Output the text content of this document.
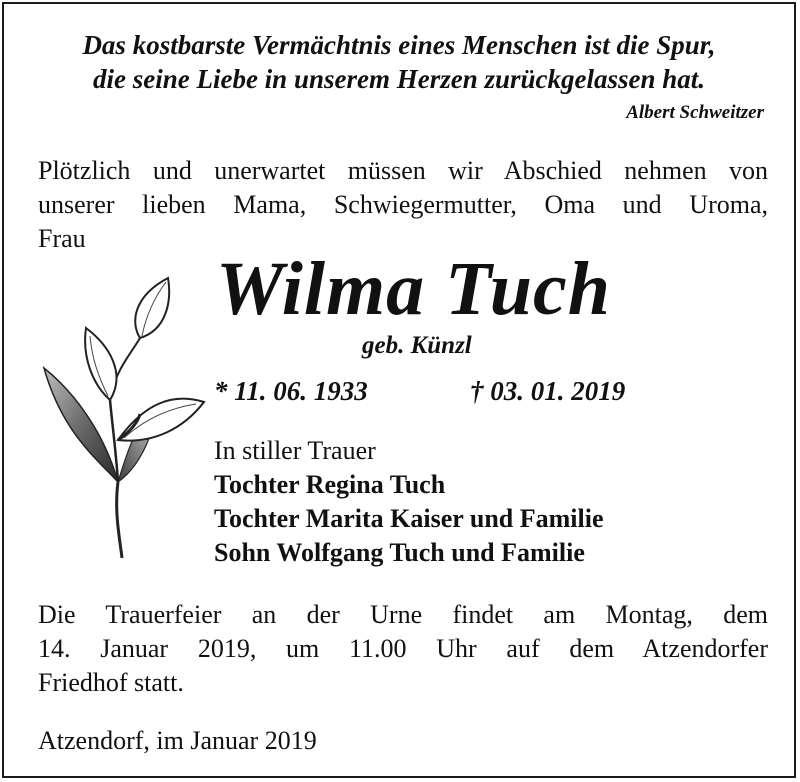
Das kostbarste Vermächtnis eines Menschen ist die Spur,
die seine Liebe in unserem Herzen zurückgelassen hat.
Albert Schweitzer
Plötzlich und unerwartet müssen wir Abschied nehmen von
unserer lieben Mama, Schwiegermutter, Oma und Uroma,
Frau
Wilma Tuch
geb. Künzl
* 11. 06. 1933	† 03. 01. 2019
In stiller Trauer
Tochter Regina Tuch
Tochter Marita Kaiser und Familie
Sohn Wolfgang Tuch und Familie
Die Trauerfeier an der Urne findet am Montag, dem
14. Januar 2019, um 11.00 Uhr auf dem Atzendorfer
Friedhof statt.
Atzendorf, im Januar 2019
